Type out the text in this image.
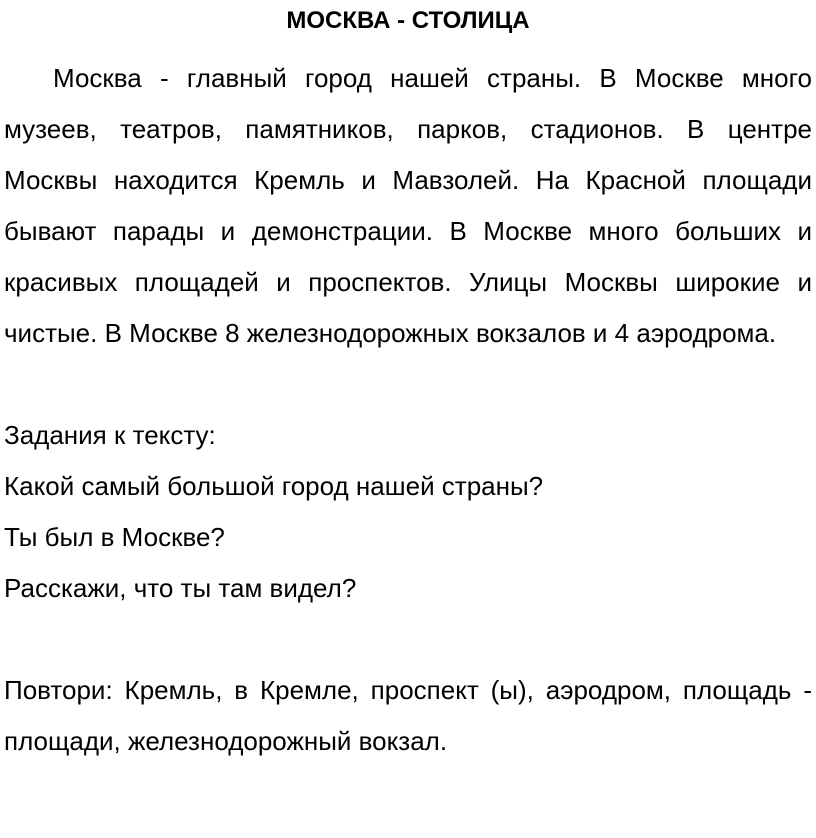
МОСКВА - СТОЛИЦА

Москва - главный город нашей страны. В Москве много музеев, театров, памятников, парков, стадионов. В центре Москвы находится Кремль и Мавзолей. На Красной площади бывают парады и демонстрации. В Москве много больших и красивых площадей и проспектов. Улицы Москвы широкие и чистые. В Москве 8 железнодорожных вокзалов и 4 аэродрома.

Задания к тексту:

Какой самый большой город нашей страны?

Ты был в Москве?

Расскажи, что ты там видел?

Повтори: Кремль, в Кремле, проспект (ы), аэродром, площадь - площади, железнодорожный вокзал.
